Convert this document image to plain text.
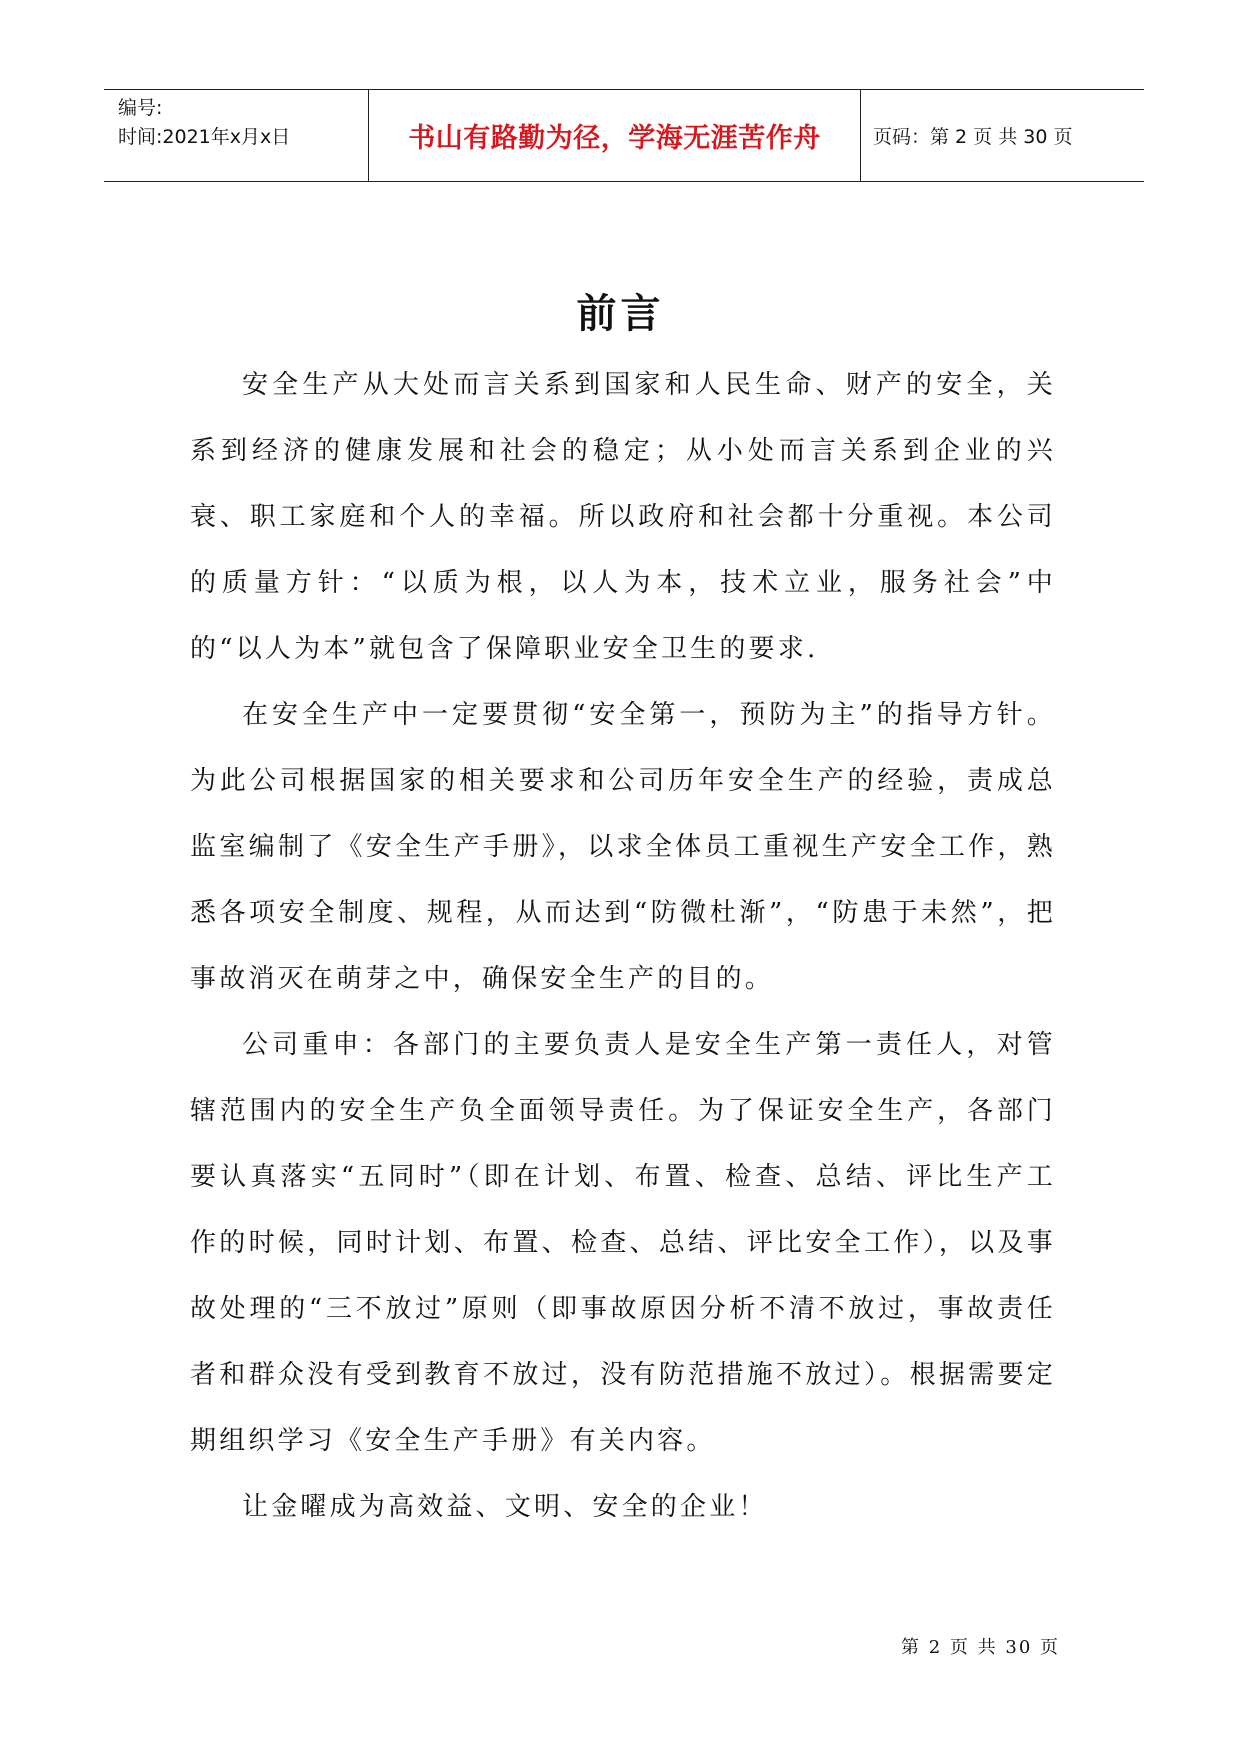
编号:
时间:2021年x月x日	书山有路勤为径，学海无涯苦作舟	页码：第 2 页 共 30 页
前言

安全生产从大处而言关系到国家和人民生命、财产的安全，关系到经济的健康发展和社会的稳定；从小处而言关系到企业的兴衰、职工家庭和个人的幸福。所以政府和社会都十分重视。本公司的质量方针：“以质为根，以人为本，技术立业，服务社会”中的“以人为本”就包含了保障职业安全卫生的要求.

在安全生产中一定要贯彻“安全第一，预防为主”的指导方针。为此公司根据国家的相关要求和公司历年安全生产的经验，责成总监室编制了《安全生产手册》，以求全体员工重视生产安全工作，熟悉各项安全制度、规程，从而达到“防微杜渐”，“防患于未然”，把事故消灭在萌芽之中，确保安全生产的目的。

公司重申：各部门的主要负责人是安全生产第一责任人，对管辖范围内的安全生产负全面领导责任。为了保证安全生产，各部门要认真落实“五同时”（即在计划、布置、检查、总结、评比生产工作的时候，同时计划、布置、检查、总结、评比安全工作），以及事故处理的“三不放过”原则（即事故原因分析不清不放过，事故责任者和群众没有受到教育不放过，没有防范措施不放过）。根据需要定期组织学习《安全生产手册》有关内容。

让金曜成为高效益、文明、安全的企业！

第 2 页 共 30 页
